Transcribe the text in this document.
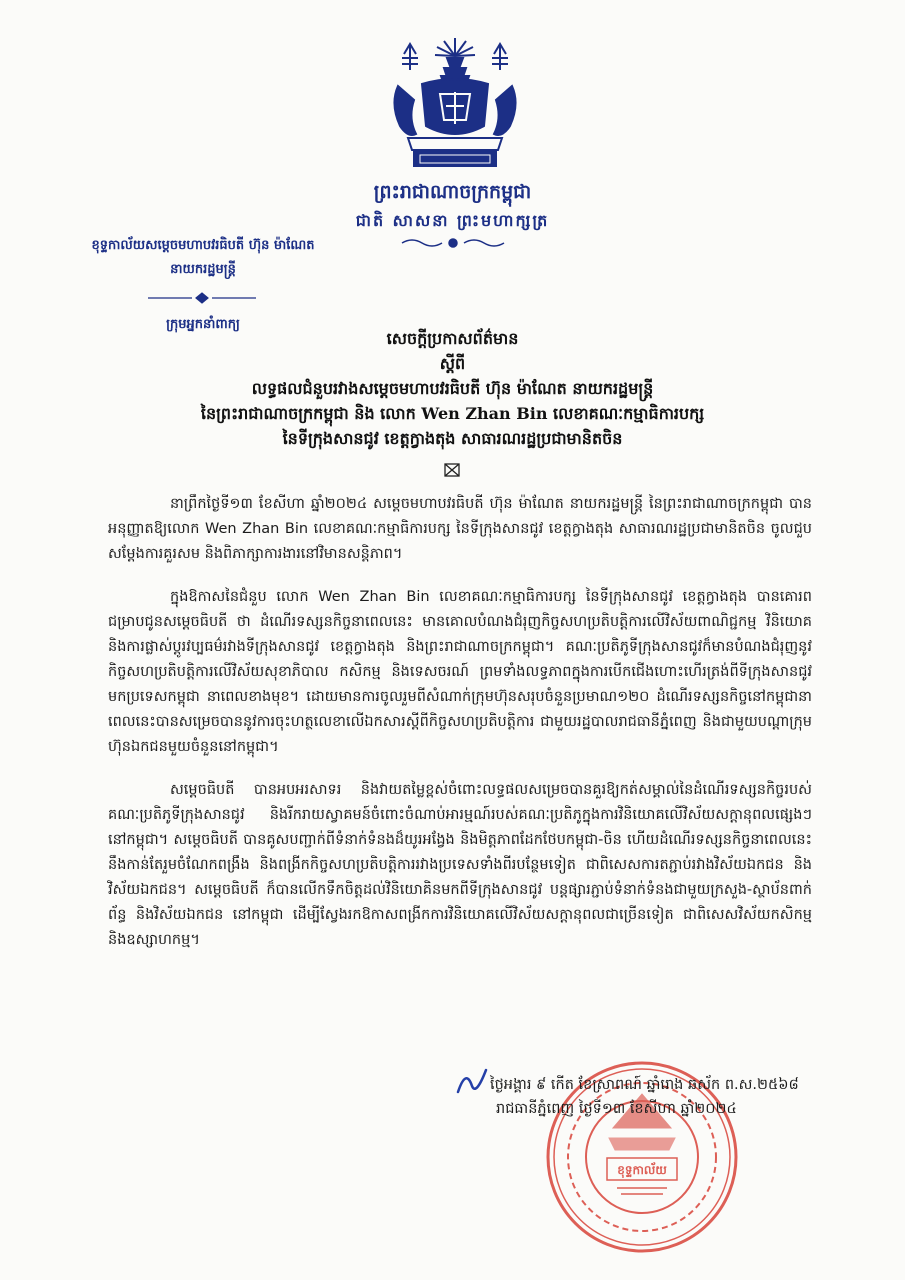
ព្រះរាជាណាចក្រកម្ពុជា
ជាតិ សាសនា ព្រះមហាក្សត្រ
ខុទ្ទកាល័យសម្តេចមហាបវរធិបតី ហ៊ុន ម៉ាណែត
នាយករដ្ឋមន្រ្តី
ក្រុមអ្នកនាំពាក្យ
សេចក្តីប្រកាសព័ត៌មាន
ស្តីពី
លទ្ធផលជំនួបរវាងសម្តេចមហាបវរធិបតី ហ៊ុន ម៉ាណែត នាយករដ្ឋមន្រ្តី
នៃព្រះរាជាណាចក្រកម្ពុជា និង លោក Wen Zhan Bin លេខាគណៈកម្មាធិការបក្ស
នៃទីក្រុងសានជូវ ខេត្តក្វាងតុង សាធារណរដ្ឋប្រជាមានិតចិន

នាព្រឹកថ្ងៃទី១៣ ខែសីហា ឆ្នាំ២០២៤ សម្តេចមហាបវរធិបតី ហ៊ុន ម៉ាណែត នាយករដ្ឋមន្រ្តី នៃព្រះរាជាណាចក្រកម្ពុជា បានអនុញ្ញាតឱ្យលោក Wen Zhan Bin លេខាគណៈកម្មាធិការបក្ស នៃទីក្រុងសានជូវ ខេត្តក្វាងតុង សាធារណរដ្ឋប្រជាមានិតចិន ចូលជួបសម្តែងការគួរសម និងពិភាក្សាការងារនៅវិមានសន្តិភាព។

ក្នុងឱកាសនៃជំនួប លោក Wen Zhan Bin លេខាគណៈកម្មាធិការបក្ស នៃទីក្រុងសានជូវ ខេត្តក្វាងតុង បានគោរពជម្រាបជូនសម្តេចធិបតី ថា ដំណើរទស្សនកិច្ចនាពេលនេះ មានគោលបំណងជំរុញកិច្ចសហប្រតិបត្តិការលើវិស័យពាណិជ្ជកម្ម វិនិយោគ និងការផ្លាស់ប្តូរវប្បធម៌រវាងទីក្រុងសានជូវ ខេត្តក្វាងតុង និងព្រះរាជាណាចក្រកម្ពុជា។ គណៈប្រតិភូទីក្រុងសានជូវក៏មានបំណងជំរុញនូវកិច្ចសហប្រតិបត្តិការលើវិស័យសុខាភិបាល កសិកម្ម និងទេសចរណ៍ ព្រមទាំងលទ្ធភាពក្នុងការបើកជើងហោះហើរត្រង់ពីទីក្រុងសានជូវ មកប្រទេសកម្ពុជា នាពេលខាងមុខ។ ដោយមានការចូលរួមពីសំណាក់ក្រុមហ៊ុនសរុបចំនួនប្រមាណ១២០ ដំណើរទស្សនកិច្ចនៅកម្ពុជានាពេលនេះបានសម្រេចបាននូវការចុះហត្ថលេខាលើឯកសារស្តីពីកិច្ចសហប្រតិបត្តិការ ជាមួយរដ្ឋបាលរាជធានីភ្នំពេញ និងជាមួយបណ្តាក្រុមហ៊ុនឯកជនមួយចំនួននៅកម្ពុជា។

សម្តេចធិបតី បានអបអរសាទរ និងវាយតម្លៃខ្ពស់ចំពោះលទ្ធផលសម្រេចបានគួរឱ្យកត់សម្គាល់នៃដំណើរទស្សនកិច្ចរបស់គណៈប្រតិភូទីក្រុងសានជូវ និងរីករាយស្វាគមន៍ចំពោះចំណាប់អារម្មណ៍របស់គណៈប្រតិភូក្នុងការវិនិយោគលើវិស័យសក្តានុពលផ្សេងៗ នៅកម្ពុជា។ សម្តេចធិបតី បានគូសបញ្ជាក់ពីទំនាក់ទំនងដ៏យូរអង្វែង និងមិត្តភាពដែកថែបកម្ពុជា-ចិន ហើយដំណើរទស្សនកិច្ចនាពេលនេះ នឹងកាន់តែរួមចំណែកពង្រឹង និងពង្រីកកិច្ចសហប្រតិបត្តិការរវាងប្រទេសទាំងពីរបន្ថែមទៀត ជាពិសេសការតភ្ជាប់រវាងវិស័យឯកជន និងវិស័យឯកជន។ សម្តេចធិបតី ក៏បានលើកទឹកចិត្តដល់វិនិយោគិនមកពីទីក្រុងសានជូវ បន្តផ្សារភ្ជាប់ទំនាក់ទំនងជាមួយក្រសួង-ស្ថាប័នពាក់ព័ន្ធ និងវិស័យឯកជន នៅកម្ពុជា ដើម្បីស្វែងរកឱកាសពង្រីកការវិនិយោគលើវិស័យសក្តានុពលជាច្រើនទៀត ជាពិសេសវិស័យកសិកម្ម និងឧស្សាហកម្ម។

ខុទ្ទកាល័យ
ថ្ងៃអង្គារ ៩ កើត ខែស្រាពណ៍ ឆ្នាំរោង ឆស័ក ព.ស.២៥៦៨
រាជធានីភ្នំពេញ ថ្ងៃទី១៣ ខែសីហា ឆ្នាំ២០២៤
